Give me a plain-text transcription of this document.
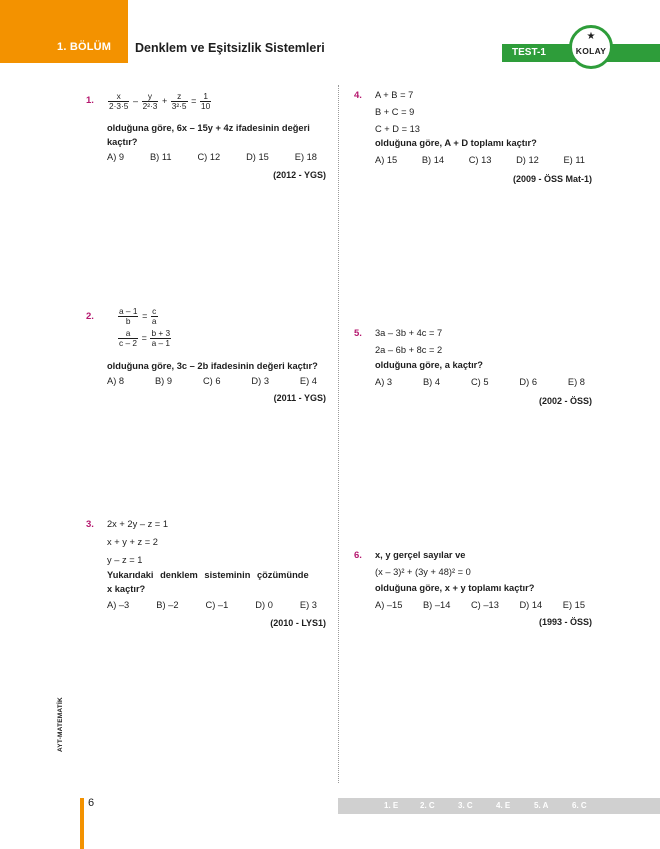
1. BÖLÜM Denklem ve Eşitsizlik Sistemleri	TEST-1
★
KOLAY
1. $\frac{x}{2\cdot 3\cdot 5} - \frac{y}{\text{2²·3}} + \frac{z}{\text{3²·5}} = \frac{1}{10}$
olduğuna göre, 6x – 15y + 4z ifadesinin değeri
kaçtır?
A) 9	B) 11	C) 12	D) 15	E) 18
(2012 - YGS)
2.	$\frac{a - 1}{b} = \frac{c}{a}$
$\frac{a}{c - 2} = \frac{b + 3}{a - 1}$
olduğuna göre, 3c – 2b ifadesinin değeri kaçtır?
A) 8	B) 9	C) 6	D) 3	E) 4
(2011 - YGS)
3. 2x + 2y – z = 1
x + y + z = 2
y – z = 1
Yukarıdaki denklem sisteminin çözümünde
x kaçtır?
A) –3	B) –2	C) –1	D) 0	E) 3
(2010 - LYS1)
4. A + B = 7
B + C = 9
C + D = 13
olduğuna göre, A + D toplamı kaçtır?
A) 15	B) 14	C) 13	D) 12	E) 11
(2009 - ÖSS Mat-1)
5. 3a – 3b + 4c = 7
2a – 6b + 8c = 2
olduğuna göre, a kaçtır?
A) 3	B) 4	C) 5	D) 6	E) 8
(2002 - ÖSS)
6. x, y gerçel sayılar ve
(x – 3)² + (3y + 48)² = 0
olduğuna göre, x + y toplamı kaçtır?
A) –15 B) –14 C) –13 D) 14 E) 15
(1993 - ÖSS)
AYT-MATEMATİK
6	1. E	2. C	3. C	4. E	5. A	6. C
